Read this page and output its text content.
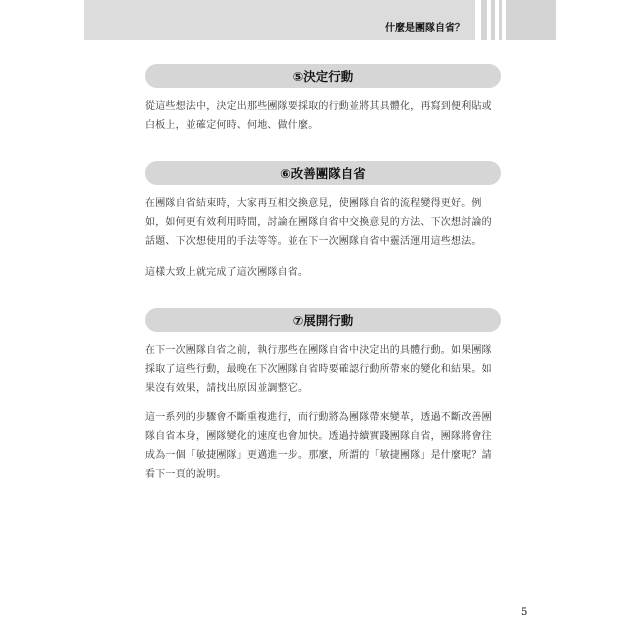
什麼是團隊自省？
⑤決定行動
從這些想法中，決定出那些團隊要採取的行動並將其具體化，再寫到便利貼或白板上，並確定何時、何地、做什麼。
⑥改善團隊自省
在團隊自省結束時，大家再互相交換意見，使團隊自省的流程變得更好。例如，如何更有效利用時間，討論在團隊自省中交換意見的方法、下次想討論的話題、下次想使用的手法等等。並在下一次團隊自省中靈活運用這些想法。
這樣大致上就完成了這次團隊自省。
⑦展開行動
在下一次團隊自省之前，執行那些在團隊自省中決定出的具體行動。如果團隊採取了這些行動，最晚在下次團隊自省時要確認行動所帶來的變化和結果。如果沒有效果，請找出原因並調整它。
這一系列的步驟會不斷重複進行，而行動將為團隊帶來變革，透過不斷改善團隊自省本身，團隊變化的速度也會加快。透過持續實踐團隊自省，團隊將會往成為一個「敏捷團隊」更邁進一步。那麼，所謂的「敏捷團隊」是什麼呢？請看下一頁的說明。
5
